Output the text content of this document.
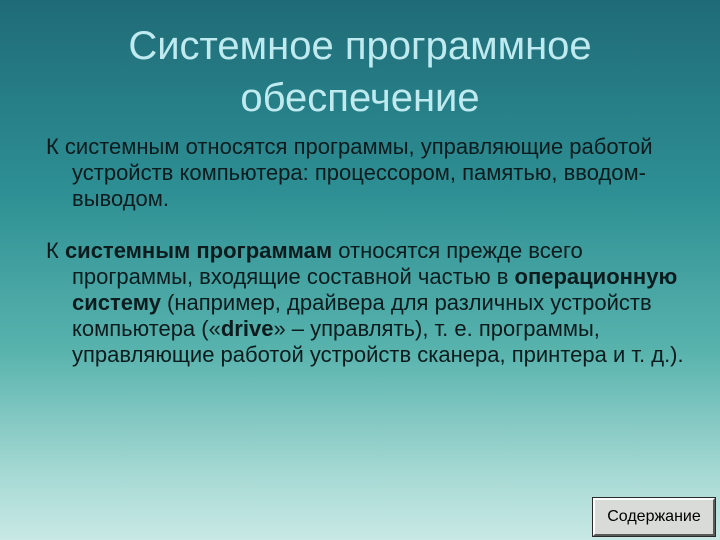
Системное программное
обеспечение

К системным относятся программы, управляющие работой устройств компьютера: процессором, памятью, вводом-выводом.

К системным программам относятся прежде всего программы, входящие составной частью в операционную систему (например, драйвера для различных устройств компьютера («drive» – управлять), т. е. программы, управляющие работой устройств сканера, принтера и т. д.).

Содержание
